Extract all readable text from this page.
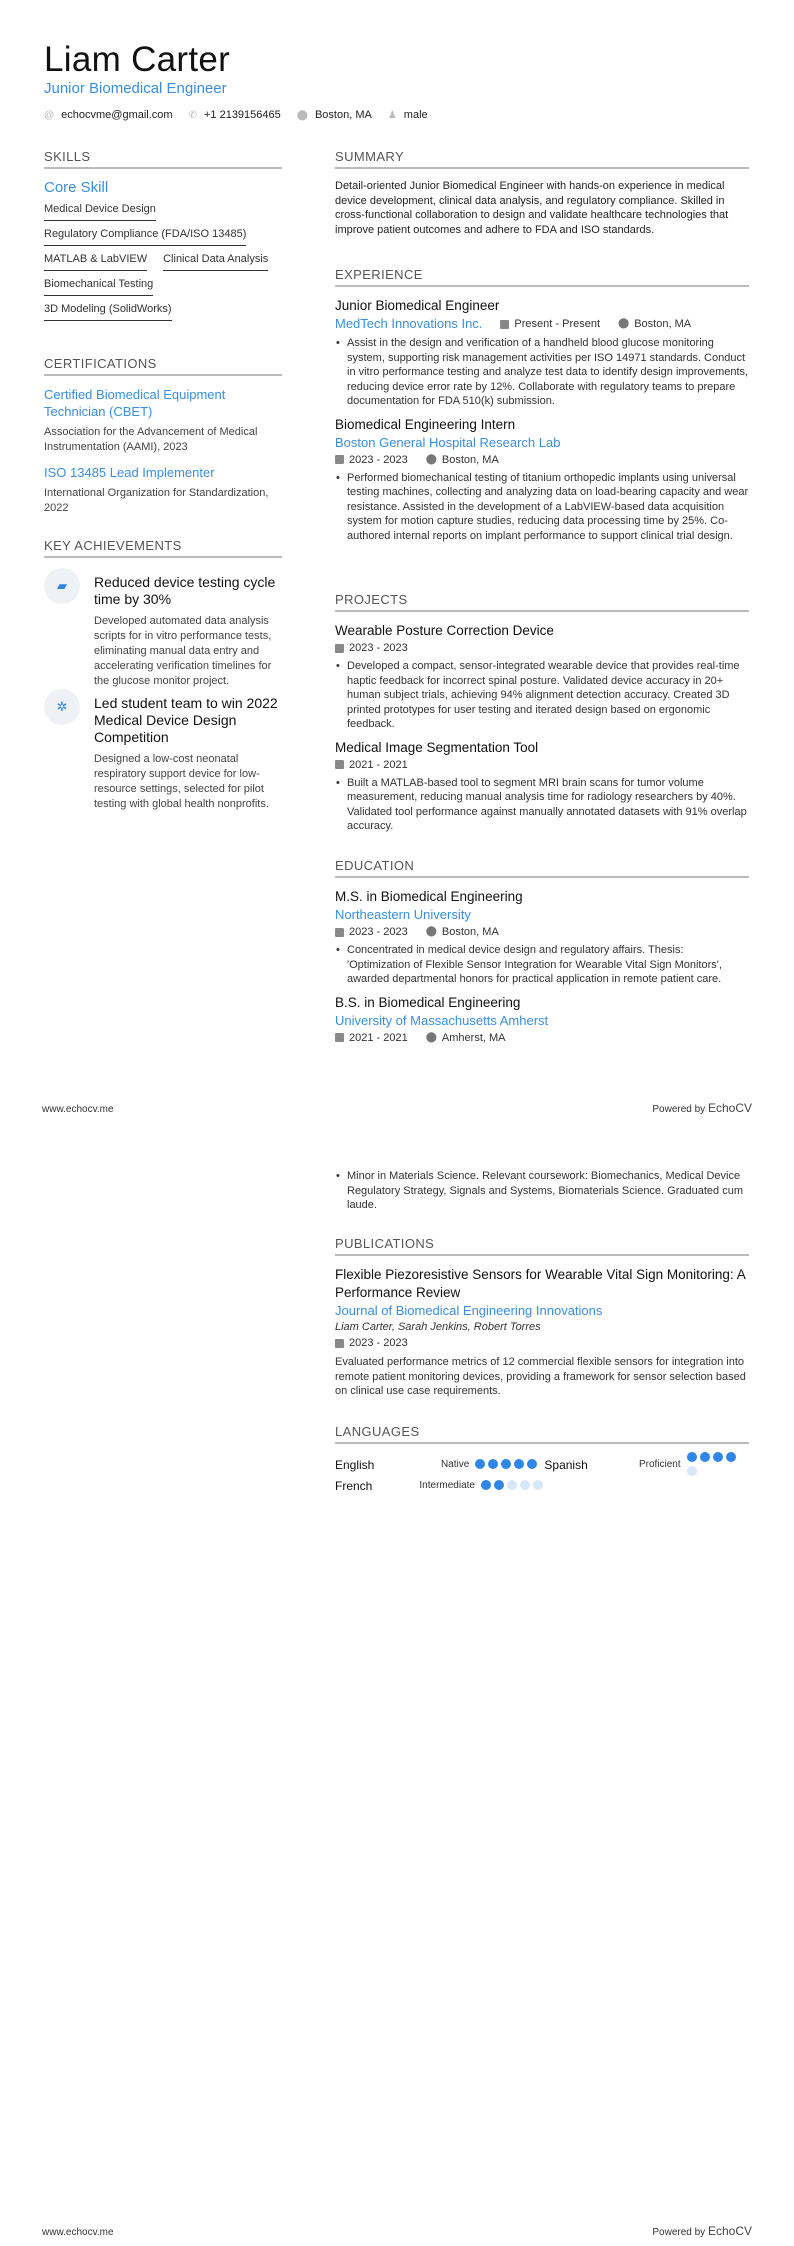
Liam Carter
Junior Biomedical Engineer
@ echocvme@gmail.com ✆ +1 2139156465 ⬤ Boston, MA ♟ male
SKILLS
Core Skill
Medical Device Design
Regulatory Compliance (FDA/ISO 13485)
MATLAB & LabVIEW Clinical Data Analysis
Biomechanical Testing
3D Modeling (SolidWorks)
CERTIFICATIONS
Certified Biomedical Equipment Technician (CBET)
Association for the Advancement of Medical Instrumentation (AAMI), 2023
ISO 13485 Lead Implementer
International Organization for Standardization, 2022
KEY ACHIEVEMENTS
▰	Reduced device testing cycle time by 30%
Developed automated data analysis scripts for in vitro performance tests, eliminating manual data entry and accelerating verification timelines for the glucose monitor project.
✲	Led student team to win 2022 Medical Device Design Competition
Designed a low-cost neonatal respiratory support device for low-resource settings, selected for pilot testing with global health nonprofits.
SUMMARY
Detail-oriented Junior Biomedical Engineer with hands-on experience in medical device development, clinical data analysis, and regulatory compliance. Skilled in cross-functional collaboration to design and validate healthcare technologies that improve patient outcomes and adhere to FDA and ISO standards.
EXPERIENCE
Junior Biomedical Engineer
MedTech Innovations Inc.	Present - Present ⬤ Boston, MA
• Assist in the design and verification of a handheld blood glucose monitoring system, supporting risk management activities per ISO 14971 standards. Conduct in vitro performance testing and analyze test data to identify design improvements, reducing device error rate by 12%. Collaborate with regulatory teams to prepare documentation for FDA 510(k) submission.
Biomedical Engineering Intern
Boston General Hospital Research Lab
2023 - 2023 ⬤ Boston, MA
• Performed biomechanical testing of titanium orthopedic implants using universal testing machines, collecting and analyzing data on load-bearing capacity and wear resistance. Assisted in the development of a LabVIEW-based data acquisition system for motion capture studies, reducing data processing time by 25%. Co-authored internal reports on implant performance to support clinical trial design.
PROJECTS
Wearable Posture Correction Device
2023 - 2023
• Developed a compact, sensor-integrated wearable device that provides real-time haptic feedback for incorrect spinal posture. Validated device accuracy in 20+ human subject trials, achieving 94% alignment detection accuracy. Created 3D printed prototypes for user testing and iterated design based on ergonomic feedback.
Medical Image Segmentation Tool
2021 - 2021
• Built a MATLAB-based tool to segment MRI brain scans for tumor volume measurement, reducing manual analysis time for radiology researchers by 40%. Validated tool performance against manually annotated datasets with 91% overlap accuracy.
EDUCATION
M.S. in Biomedical Engineering
Northeastern University
2023 - 2023 ⬤ Boston, MA
• Concentrated in medical device design and regulatory affairs. Thesis: 'Optimization of Flexible Sensor Integration for Wearable Vital Sign Monitors', awarded departmental honors for practical application in remote patient care.
B.S. in Biomedical Engineering
University of Massachusetts Amherst
2021 - 2021 ⬤ Amherst, MA
www.echocv.me	Powered by EchoCV
• Minor in Materials Science. Relevant coursework: Biomechanics, Medical Device Regulatory Strategy, Signals and Systems, Biomaterials Science. Graduated cum laude.
PUBLICATIONS
Flexible Piezoresistive Sensors for Wearable Vital Sign Monitoring: A Performance Review
Journal of Biomedical Engineering Innovations
Liam Carter, Sarah Jenkins, Robert Torres
2023 - 2023
Evaluated performance metrics of 12 commercial flexible sensors for integration into remote patient monitoring devices, providing a framework for sensor selection based on clinical use case requirements.
LANGUAGES
English	Native	Spanish	Proficient
French	Intermediate
www.echocv.me	Powered by EchoCV
